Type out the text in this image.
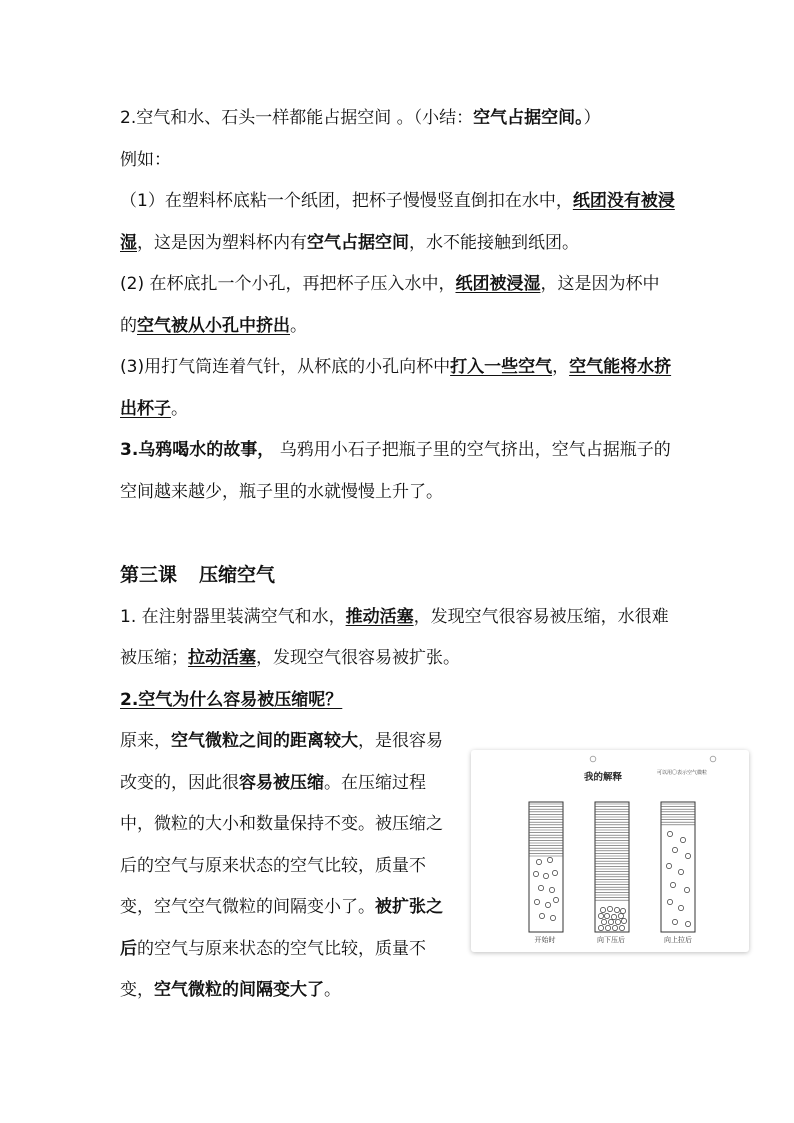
2.空气和水、石头一样都能占据空间 。（小结：空气占据空间。）

例如：

（1）在塑料杯底粘一个纸团，把杯子慢慢竖直倒扣在水中，纸团没有被浸湿，这是因为塑料杯内有空气占据空间，水不能接触到纸团。

(2) 在杯底扎一个小孔，再把杯子压入水中，纸团被浸湿，这是因为杯中的空气被从小孔中挤出。

(3)用打气筒连着气针，从杯底的小孔向杯中打入一些空气，空气能将水挤出杯子。

3.乌鸦喝水的故事， 乌鸦用小石子把瓶子里的空气挤出，空气占据瓶子的空间越来越少，瓶子里的水就慢慢上升了。

第三课 压缩空气

1. 在注射器里装满空气和水，推动活塞，发现空气很容易被压缩，水很难被压缩；拉动活塞，发现空气很容易被扩张。

2.空气为什么容易被压缩呢？

原来，空气微粒之间的距离较大，是很容易改变的，因此很容易被压缩。在压缩过程中，微粒的大小和数量保持不变。被压缩之后的空气与原来状态的空气比较，质量不变，空气空气微粒的间隔变小了。被扩张之后的空气与原来状态的空气比较，质量不变，空气微粒的间隔变大了。

我的解释	可以用〇表示空气微粒
开始时	向下压后	向上拉后
